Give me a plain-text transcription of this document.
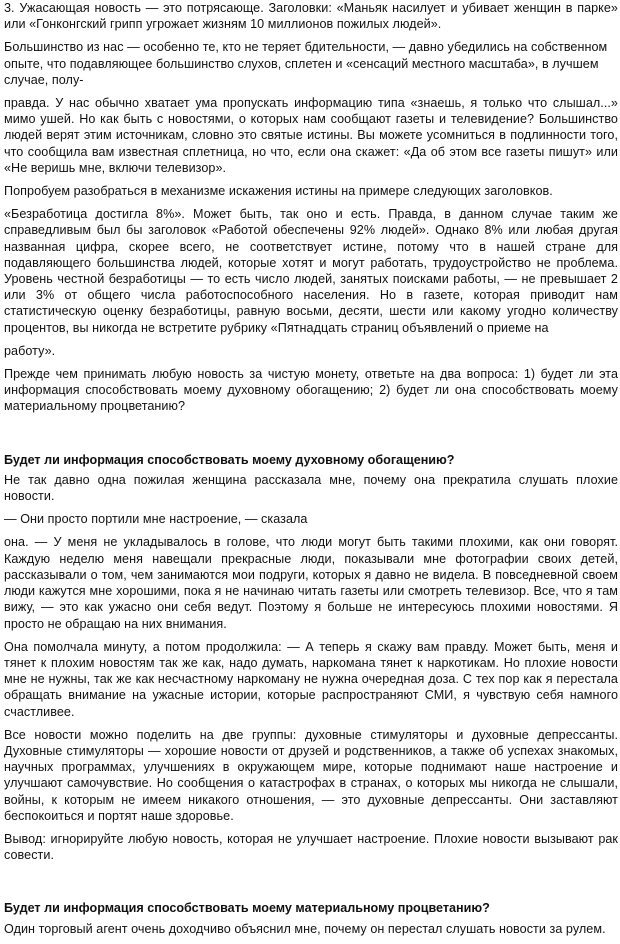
3. Ужасающая новость — это потрясающе. Заголовки: «Маньяк насилует и убивает женщин в парке» или «Гонконгский грипп угрожает жизням 10 миллионов пожилых людей».

Большинство из нас — особенно те, кто не теряет бдительности, — давно убедились на собственном опыте, что подавляющее большинство слухов, сплетен и «сенсаций местного масштаба», в лучшем случае, полу-

правда. У нас обычно хватает ума пропускать информацию типа «знаешь, я только что слышал...» мимо ушей. Но как быть с новостями, о которых нам сообщают газеты и телевидение? Большинство людей верят этим источникам, словно это святые истины. Вы можете усомниться в подлинности того, что сообщила вам известная сплетница, но что, если она скажет: «Да об этом все газеты пишут» или «Не веришь мне, включи телевизор».

Попробуем разобраться в механизме искажения истины на примере следующих заголовков.

«Безработица достигла 8%». Может быть, так оно и есть. Правда, в данном случае таким же справедливым был бы заголовок «Работой обеспечены 92% людей». Однако 8% или любая другая названная цифра, скорее всего, не соответствует истине, потому что в нашей стране для подавляющего большинства людей, которые хотят и могут работать, трудоустройство не проблема. Уровень честной безработицы — то есть число людей, занятых поисками работы, — не превышает 2 или 3% от общего числа работоспособного населения. Но в газете, которая приводит нам статистическую оценку безработицы, равную восьми, десяти, шести или какому угодно количеству процентов, вы никогда не встретите рубрику «Пятнадцать страниц объявлений о приеме на

работу».

Прежде чем принимать любую новость за чистую монету, ответьте на два вопроса: 1) будет ли эта информация способствовать моему духовному обогащению; 2) будет ли она способствовать моему материальному процветанию?

Будет ли информация способствовать моему духовному обогащению?

Не так давно одна пожилая женщина рассказала мне, почему она прекратила слушать плохие новости.

— Они просто портили мне настроение, — сказала

она. — У меня не укладывалось в голове, что люди могут быть такими плохими, как они говорят. Каждую неделю меня навещали прекрасные люди, показывали мне фотографии своих детей, рассказывали о том, чем занимаются мои подруги, которых я давно не видела. В повседневной своем люди кажутся мне хорошими, пока я не начинаю читать газеты или смотреть телевизор. Все, что я там вижу, — это как ужасно они себя ведут. Поэтому я больше не интересуюсь плохими новостями. Я просто не обращаю на них внимания.

Она помолчала минуту, а потом продолжила: — А теперь я скажу вам правду. Может быть, меня и тянет к плохим новостям так же как, надо думать, наркомана тянет к наркотикам. Но плохие новости мне не нужны, так же как несчастному наркоману не нужна очередная доза. С тех пор как я перестала обращать внимание на ужасные истории, которые распространяют СМИ, я чувствую себя намного счастливее.

Все новости можно поделить на две группы: духовные стимуляторы и духовные депрессанты. Духовные стимуляторы — хорошие новости от друзей и родственников, а также об успехах знакомых, научных программах, улучшениях в окружающем мире, которые поднимают наше настроение и улучшают самочувствие. Но сообщения о катастрофах в странах, о которых мы никогда не слышали, войны, к которым не имеем никакого отношения, — это духовные депрессанты. Они заставляют беспокоиться и портят наше здоровье.

Вывод: игнорируйте любую новость, которая не улучшает настроение. Плохие новости вызывают рак совести.

Будет ли информация способствовать моему материальному процветанию?

Один торговый агент очень доходчиво объяснил мне, почему он перестал слушать новости за рулем.
